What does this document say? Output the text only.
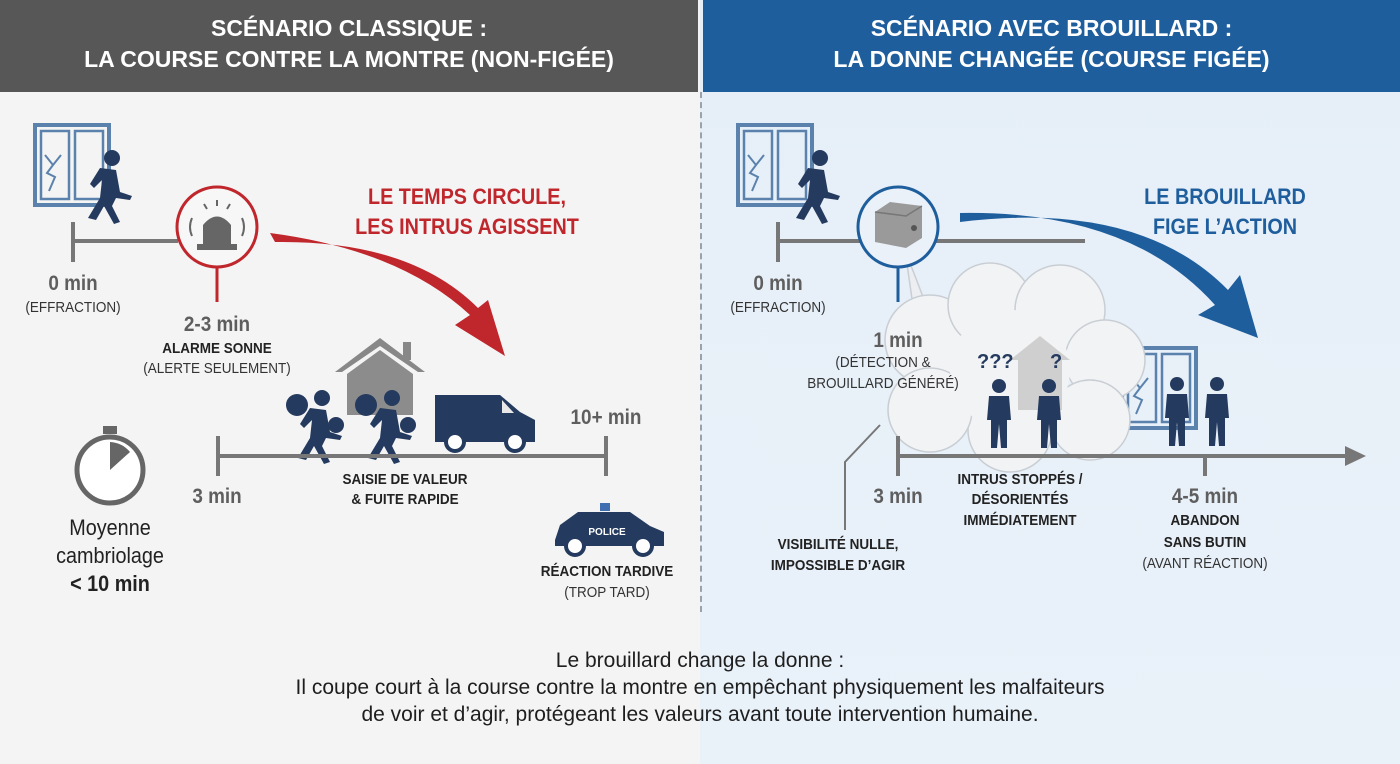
SCÉNARIO CLASSIQUE :
LA COURSE CONTRE LA MONTRE (NON-FIGÉE)
SCÉNARIO AVEC BROUILLARD :
LA DONNE CHANGÉE (COURSE FIGÉE)
0 min
(EFFRACTION)
2-3 min
ALARME SONNE
(ALERTE SEULEMENT)
LE TEMPS CIRCULE,
LES INTRUS AGISSENT
10+ min
3 min
SAISIE DE VALEUR
& FUITE RAPIDE
POLICE
RÉACTION TARDIVE
(TROP TARD)
Moyenne
cambriolage
< 10 min
0 min
(EFFRACTION)
LE BROUILLARD
FIGE L’ACTION
1 min
(DÉTECTION &
BROUILLARD GÉNÉRÉ)
??? ?
3 min
INTRUS STOPPÉS /
DÉSORIENTÉS
IMMÉDIATEMENT
4-5 min
ABANDON
SANS BUTIN
(AVANT RÉACTION)
VISIBILITÉ NULLE,
IMPOSSIBLE D’AGIR
Le brouillard change la donne :
Il coupe court à la course contre la montre en empêchant physiquement les malfaiteurs
de voir et d’agir, protégeant les valeurs avant toute intervention humaine.
